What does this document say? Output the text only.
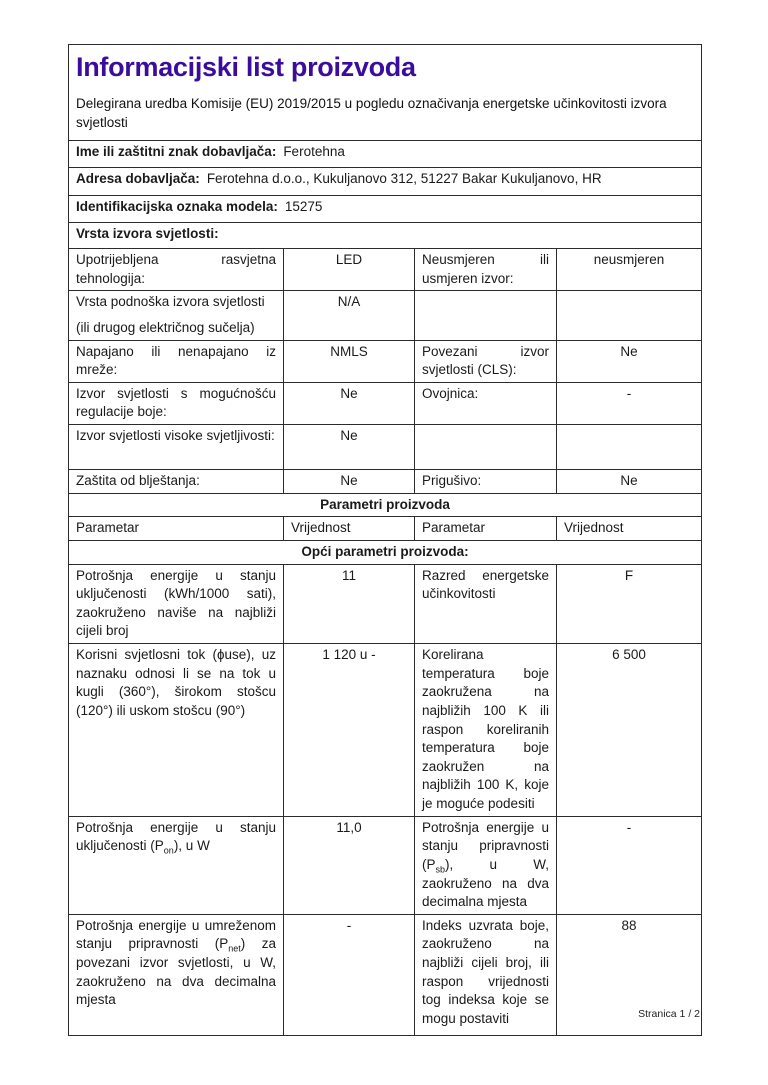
Informacijski list proizvoda
Delegirana uredba Komisije (EU) 2019/2015 u pogledu označivanja energetske učinkovitosti izvora svjetlosti			

Ime ili zaštitni znak dobavljača: Ferotehna			
Adresa dobavljača: Ferotehna d.o.o., Kukuljanovo 312, 51227 Bakar Kukuljanovo, HR			
Identifikacijska oznaka modela: 15275			
Vrsta izvora svjetlosti:			
Upotrijebljena rasvjetna tehnologija:	LED	Neusmjeren ili usmjeren izvor:	neusmjeren

Vrsta podnoška izvora svjetlosti
(ili drugog električnog sučelja)	N/A		
Napajano ili nenapajano iz mreže:	NMLS	Povezani izvor svjetlosti (CLS):	Ne
Izvor svjetlosti s mogućnošću regulacije boje:	Ne	Ovojnica:	-
Izvor svjetlosti visoke svjetljivosti:	Ne		
Zaštita od blještanja:	Ne	Prigušivo:	Ne
Parametri proizvoda			
Parametar	Vrijednost	Parametar	Vrijednost
Opći parametri proizvoda:			
Potrošnja energije u stanju uključenosti (kWh/1000 sati), zaokruženo naviše na najbliži cijeli broj	11	Razred energetske učinkovitosti	F
Korisni svjetlosni tok (ɸuse), uz naznaku odnosi li se na tok u kugli (360°), širokom stošcu (120°) ili uskom stošcu (90°)	1 120 u -	Korelirana temperatura boje zaokružena na najbližih 100 K ili raspon koreliranih temperatura boje zaokružen na najbližih 100 K, koje je moguće podesiti	6 500
Potrošnja energije u stanju uključenosti $(P_{on})$, u W	11,0	Potrošnja energije u stanju pripravnosti $(P_{sb})$, u W, zaokruženo na dva decimalna mjesta	-
Potrošnja energije u umreženom stanju pripravnosti $(P_{net})$ za povezani izvor svjetlosti, u W, zaokruženo na dva decimalna mjesta	-	Indeks uzvrata boje, zaokruženo na najbliži cijeli broj, ili raspon vrijednosti tog indeksa koje se mogu postaviti	88
Stranica 1 / 2
